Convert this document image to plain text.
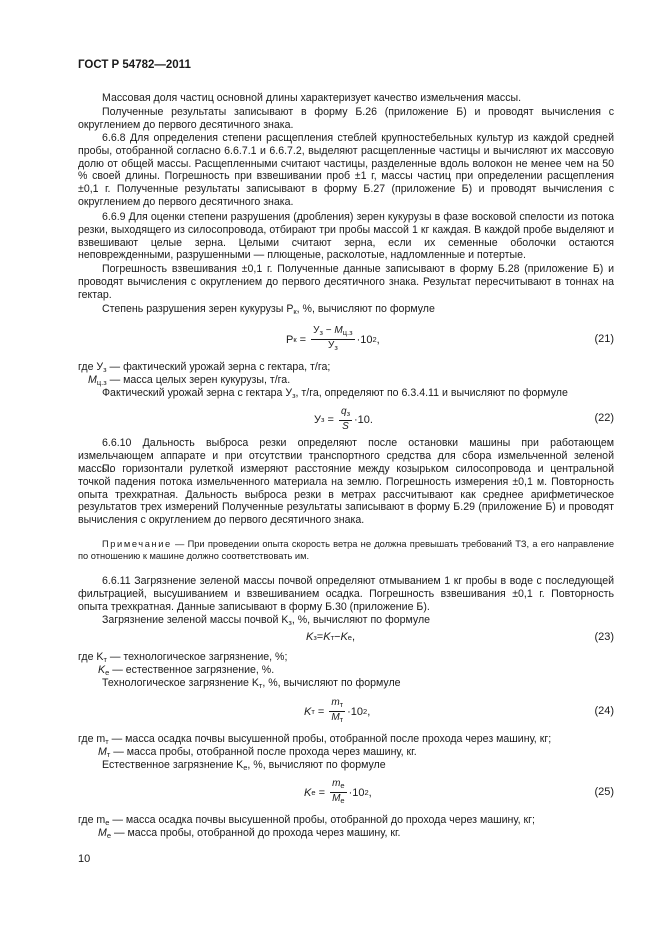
ГОСТ Р 54782—2011
Массовая доля частиц основной длины характеризует качество измельчения массы.
Полученные результаты записывают в форму Б.26 (приложение Б) и проводят вычисления с округлением до первого десятичного знака.
6.6.8 Для определения степени расщепления стеблей крупностебельных культур из каждой средней пробы, отобранной согласно 6.6.7.1 и 6.6.7.2, выделяют расщепленные частицы и вычисляют их массовую долю от общей массы. Расщепленными считают частицы, разделенные вдоль волокон не менее чем на 50 % своей длины. Погрешность при взвешивании проб ±1 г, массы частиц при определении расщепления ±0,1 г. Полученные результаты записывают в форму Б.27 (приложение Б) и проводят вычисления с округлением до первого десятичного знака.
6.6.9 Для оценки степени разрушения (дробления) зерен кукурузы в фазе восковой спелости из потока резки, выходящего из силосопровода, отбирают три пробы массой 1 кг каждая. В каждой пробе выделяют и взвешивают целые зерна. Целыми считают зерна, если их семенные оболочки остаются неповрежденными, разрушенными — плющеные, расколотые, надломленные и потертые.
Погрешность взвешивания ±0,1 г. Полученные данные записывают в форму Б.28 (приложение Б) и проводят вычисления с округлением до первого десятичного знака. Результат пересчитывают в тоннах на гектар.
Степень разрушения зерен кукурузы $Р_к$, %, вычисляют по формуле
Р $к = \frac{У_з - М_{ц.з}}{У_з} \cdot 10$ 2 ,	(21)
где $У_з$ — фактический урожай зерна с гектара, т/га;
$М_{ц.з}$ — масса целых зерен кукурузы, т/га.
Фактический урожай зерна с гектара $У_з$, т/га, определяют по 6.3.4.11 и вычисляют по формуле
У $з = \frac{q_з}{S} \cdot 10$.	(22)
6.6.10 Дальность выброса резки определяют после остановки машины при работающем измельчающем аппарате и при отсутствии транспортного средства для сбора измельченной зеленой массы.
По горизонтали рулеткой измеряют расстояние между козырьком силосопровода и центральной точкой падения потока измельченного материала на землю. Погрешность измерения ±0,1 м. Повторность опыта трехкратная. Дальность выброса резки в метрах рассчитывают как среднее арифметическое результатов трех измерений Полученные результаты записывают в форму Б.29 (приложение Б) и проводят вычисления с округлением до первого десятичного знака.
Примечание — При проведении опыта скорость ветра не должна превышать требований ТЗ, а его направление по отношению к машине должно соответствовать им.
6.6.11 Загрязнение зеленой массы почвой определяют отмыванием 1 кг пробы в воде с последующей фильтрацией, высушиванием и взвешиванием осадка. Погрешность взвешивания ±0,1 г. Повторность опыта трехкратная. Данные записывают в форму Б.30 (приложение Б).
Загрязнение зеленой массы почвой $K_з$, %, вычисляют по формуле
K з = K т − K е ,	(23)
где $K_т$ — технологическое загрязнение, %;
$K_е$ — естественное загрязнение, %.
Технологическое загрязнение $K_т$, %, вычисляют по формуле
K $т = \frac{m_т}{M_т} \cdot 10$ 2 ,	(24)
где $m_т$ — масса осадка почвы высушенной пробы, отобранной после прохода через машину, кг;
$M_т$ — масса пробы, отобранной после прохода через машину, кг.
Естественное загрязнение $K_е$, %, вычисляют по формуле
K $е = \frac{m_е}{M_е} \cdot 10$ 2 ,	(25)
где $m_е$ — масса осадка почвы высушенной пробы, отобранной до прохода через машину, кг;
$M_е$ — масса пробы, отобранной до прохода через машину, кг.
10
